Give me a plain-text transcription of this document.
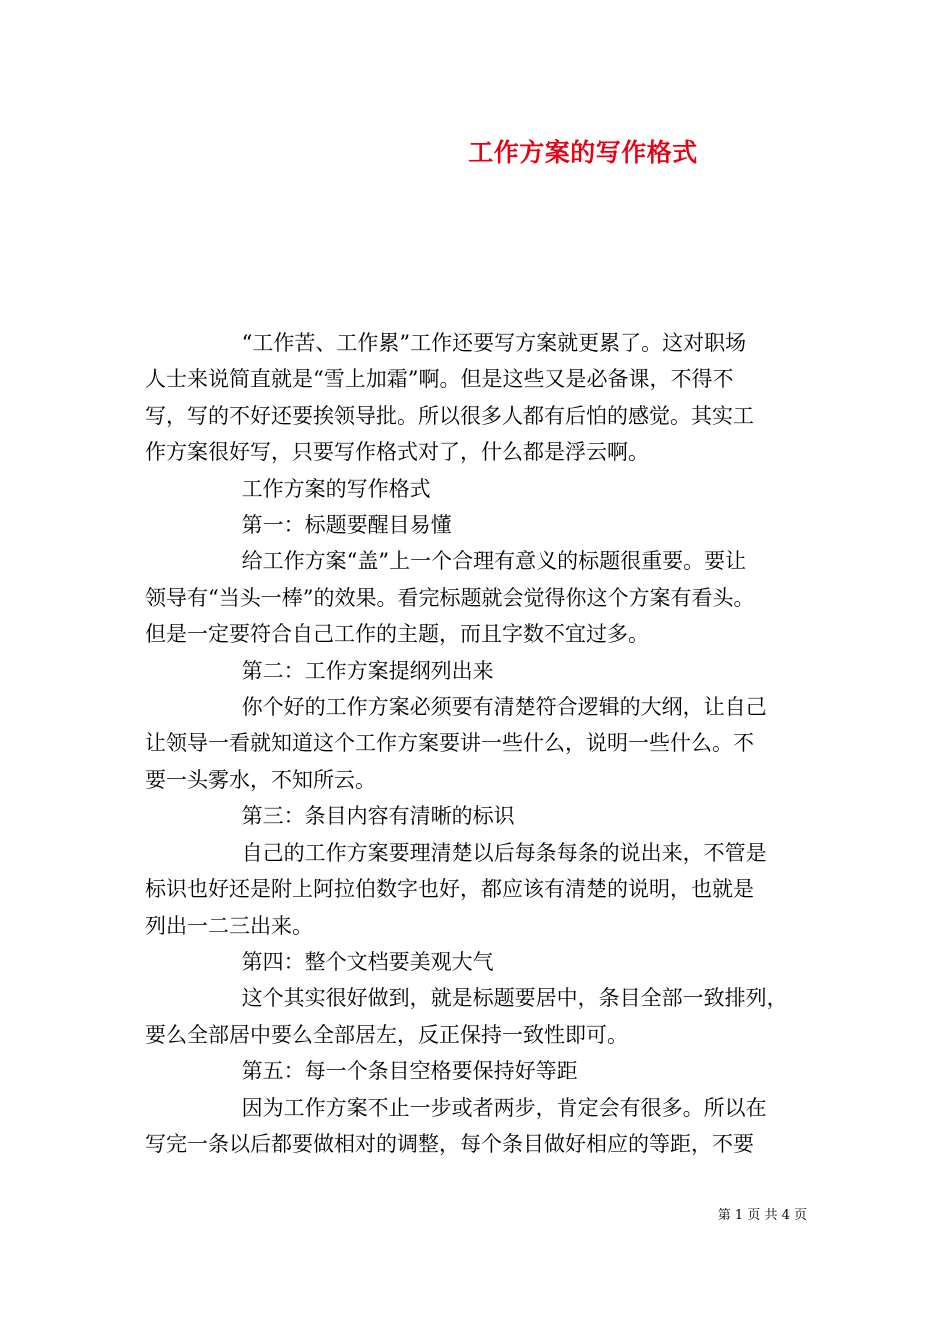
工作方案的写作格式

“工作苦、工作累”工作还要写方案就更累了。这对职场
人士来说简直就是“雪上加霜”啊。但是这些又是必备课，不得不
写，写的不好还要挨领导批。所以很多人都有后怕的感觉。其实工
作方案很好写，只要写作格式对了，什么都是浮云啊。

工作方案的写作格式

第一：标题要醒目易懂

给工作方案“盖”上一个合理有意义的标题很重要。要让
领导有“当头一棒”的效果。看完标题就会觉得你这个方案有看头。
但是一定要符合自己工作的主题，而且字数不宜过多。

第二：工作方案提纲列出来

你个好的工作方案必须要有清楚符合逻辑的大纲，让自己
让领导一看就知道这个工作方案要讲一些什么，说明一些什么。不
要一头雾水，不知所云。

第三：条目内容有清晰的标识

自己的工作方案要理清楚以后每条每条的说出来，不管是
标识也好还是附上阿拉伯数字也好，都应该有清楚的说明，也就是
列出一二三出来。

第四：整个文档要美观大气

这个其实很好做到，就是标题要居中，条目全部一致排列，
要么全部居中要么全部居左，反正保持一致性即可。

第五：每一个条目空格要保持好等距

因为工作方案不止一步或者两步，肯定会有很多。所以在
写完一条以后都要做相对的调整，每个条目做好相应的等距，不要

第 1 页 共 4 页
